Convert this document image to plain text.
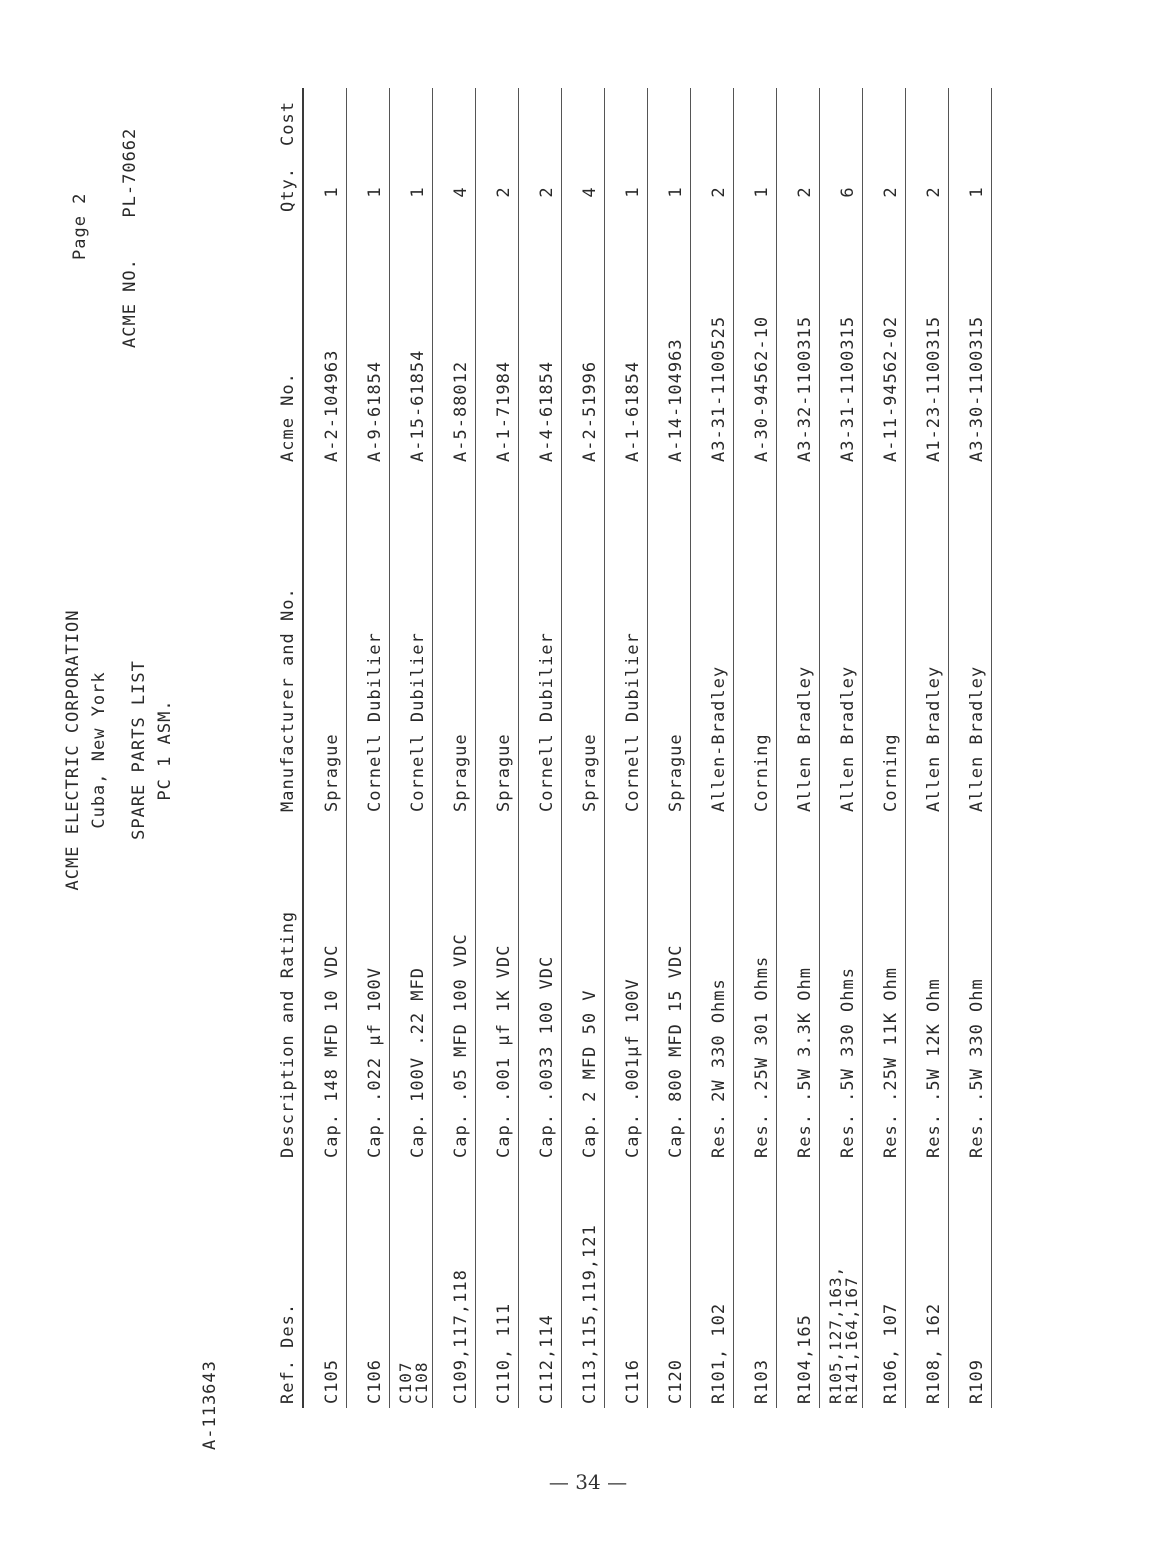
A-113643
ACME ELECTRIC CORPORATION Cuba, New York SPARE PARTS LIST PC 1 ASM.
Page 2
ACME NO.  PL-70662
Ref. Des.
Description and Rating
Manufacturer and No.
Acme No.
Qty.
Cost
C105
Cap. 148 MFD 10 VDC
Sprague
A-2-104963
1
C106
Cap. .022 µf 100V
Cornell Dubilier
A-9-61854
1
C107
C108
Cap. 100V .22 MFD
Cornell Dubilier
A-15-61854
1
C109,117,118
Cap. .05 MFD 100 VDC
Sprague
A-5-88012
4
C110, 111
Cap. .001 µf 1K VDC
Sprague
A-1-71984
2
C112,114
Cap. .0033 100 VDC
Cornell Dubilier
A-4-61854
2
C113,115,119,121
Cap. 2 MFD 50 V
Sprague
A-2-51996
4
C116
Cap. .001µf 100V
Cornell Dubilier
A-1-61854
1
C120
Cap. 800 MFD 15 VDC
Sprague
A-14-104963
1
R101, 102
Res. 2W 330 Ohms
Allen-Bradley
A3-31-1100525
2
R103
Res. .25W 301 Ohms
Corning
A-30-94562-10
1
R104,165
Res. .5W 3.3K Ohm
Allen Bradley
A3-32-1100315
2
R105,127,163,
R141,164,167
Res. .5W 330 Ohms
Allen Bradley
A3-31-1100315
6
R106, 107
Res. .25W 11K Ohm
Corning
A-11-94562-02
2
R108, 162
Res. .5W 12K Ohm
Allen Bradley
A1-23-1100315
2
R109
Res. .5W 330 Ohm
Allen Bradley
A3-30-1100315
1
— 34 —
